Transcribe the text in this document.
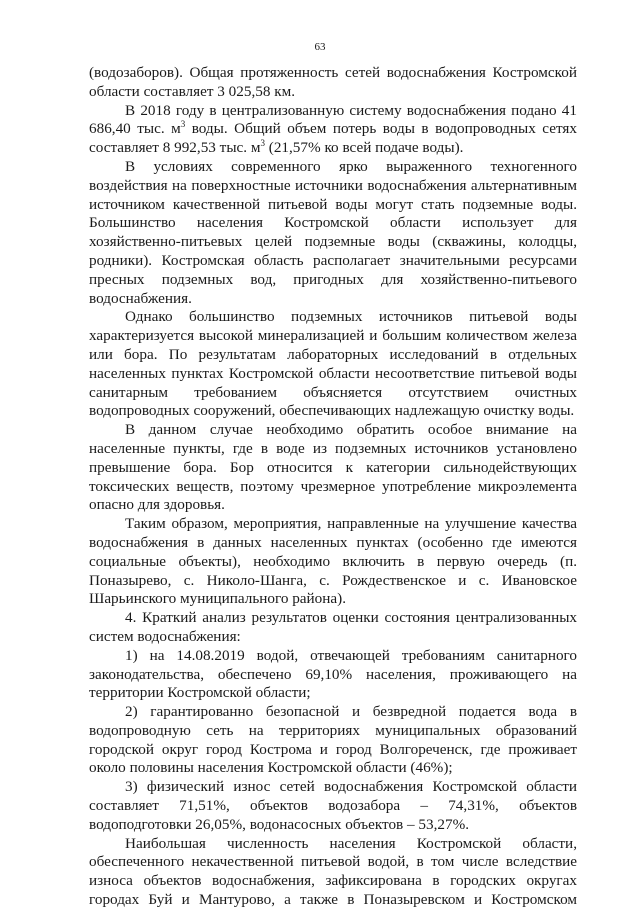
63

(водозаборов). Общая протяженность сетей водоснабжения Костромской области составляет 3 025,58 км.

В 2018 году в централизованную систему водоснабжения подано 41 686,40 тыс. $м^3$ воды. Общий объем потерь воды в водопроводных сетях составляет 8 992,53 тыс. $м^3$ (21,57% ко всей подаче воды).

В условиях современного ярко выраженного техногенного воздействия на поверхностные источники водоснабжения альтернативным источником качественной питьевой воды могут стать подземные воды. Большинство населения Костромской области использует для хозяйственно-питьевых целей подземные воды (скважины, колодцы, родники). Костромская область располагает значительными ресурсами пресных подземных вод, пригодных для хозяйственно-питьевого водоснабжения.

Однако большинство подземных источников питьевой воды характеризуется высокой минерализацией и большим количеством железа или бора. По результатам лабораторных исследований в отдельных населенных пунктах Костромской области несоответствие питьевой воды санитарным требованием объясняется отсутствием очистных водопроводных сооружений, обеспечивающих надлежащую очистку воды.

В данном случае необходимо обратить особое внимание на населенные пункты, где в воде из подземных источников установлено превышение бора. Бор относится к категории сильнодействующих токсических веществ, поэтому чрезмерное употребление микроэлемента опасно для здоровья.

Таким образом, мероприятия, направленные на улучшение качества водоснабжения в данных населенных пунктах (особенно где имеются социальные объекты), необходимо включить в первую очередь (п. Поназырево, с. Николо-Шанга, с. Рождественское и с. Ивановское Шарьинского муниципального района).

4. Краткий анализ результатов оценки состояния централизованных систем водоснабжения:

1) на 14.08.2019 водой, отвечающей требованиям санитарного законодательства, обеспечено 69,10% населения, проживающего на территории Костромской области;

2) гарантированно безопасной и безвредной подается вода в водопроводную сеть на территориях муниципальных образований городской округ город Кострома и город Волгореченск, где проживает около половины населения Костромской области (46%);

3) физический износ сетей водоснабжения Костромской области составляет 71,51%, объектов водозабора – 74,31%, объектов водоподготовки 26,05%, водонасосных объектов – 53,27%.

Наибольшая численность населения Костромской области, обеспеченного некачественной питьевой водой, в том числе вследствие износа объектов водоснабжения, зафиксирована в городских округах городах Буй и Мантурово, а также в Поназыревском и Костромском
